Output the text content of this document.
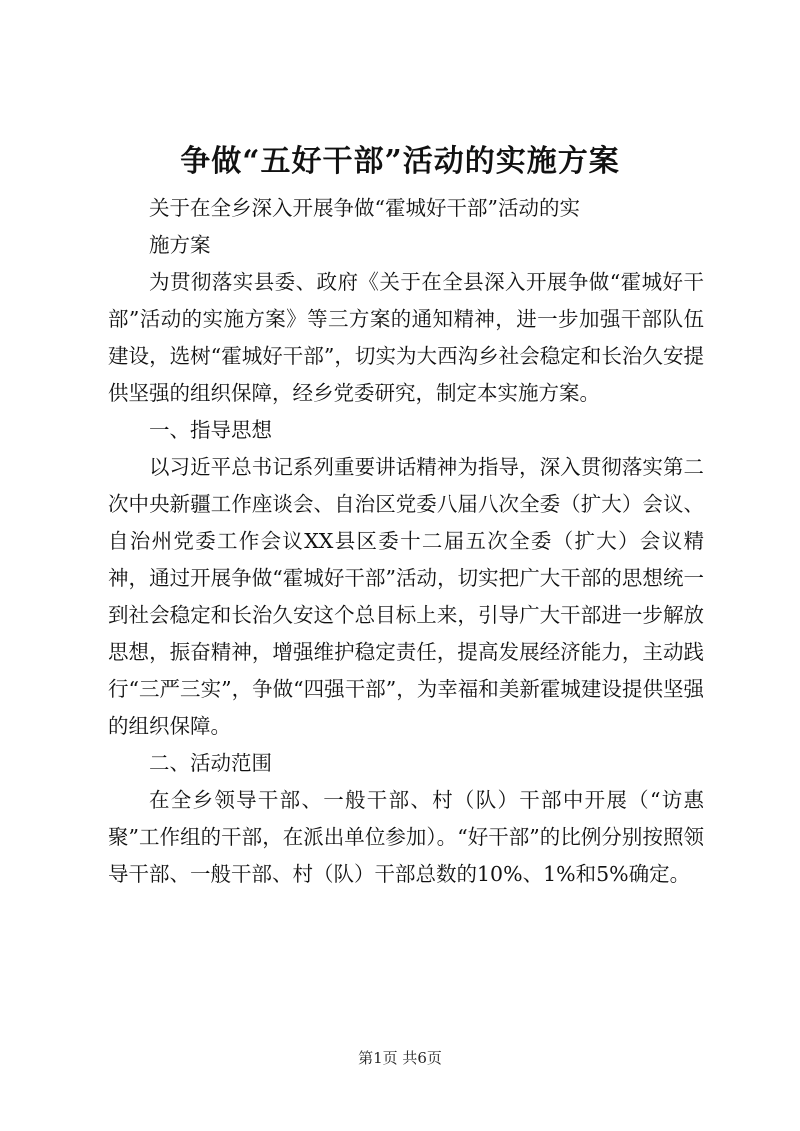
争做“五好干部”活动的实施方案

关于在全乡深入开展争做“霍城好干部”活动的实

施方案

为贯彻落实县委、政府《关于在全县深入开展争做“霍城好干部”活动的实施方案》等三方案的通知精神，进一步加强干部队伍建设，选树“霍城好干部”，切实为大西沟乡社会稳定和长治久安提供坚强的组织保障，经乡党委研究，制定本实施方案。

一、指导思想

以习近平总书记系列重要讲话精神为指导，深入贯彻落实第二次中央新疆工作座谈会、自治区党委八届八次全委（扩大）会议、自治州党委工作会议XX县区委十二届五次全委（扩大）会议精神，通过开展争做“霍城好干部”活动，切实把广大干部的思想统一到社会稳定和长治久安这个总目标上来，引导广大干部进一步解放思想，振奋精神，增强维护稳定责任，提高发展经济能力，主动践行“三严三实”，争做“四强干部”，为幸福和美新霍城建设提供坚强的组织保障。

二、活动范围

在全乡领导干部、一般干部、村（队）干部中开展（“访惠聚”工作组的干部，在派出单位参加）。“好干部”的比例分别按照领导干部、一般干部、村（队）干部总数的10%、1%和5%确定。

第1页 共6页
